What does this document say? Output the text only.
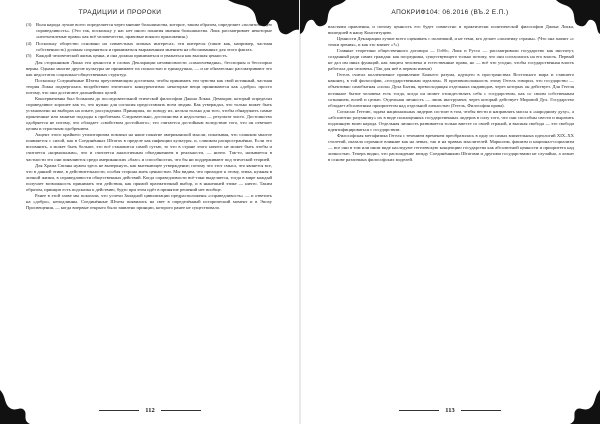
ТРАДИЦИИ И ПРОРОКИ
(3)	Воля народа лучше всего определяется через мнение большинства, которое, таким образом, определяет «политическую справедливость». (Это так, поскольку у нас нет иного понятия мнения большинства. Локк рассматривает некоторые «неотъемлемые права» как всё человечество, правовые всякого приложения.)
(4)	Поскольку общество основано на совместных личных интересах, эти интересы (такие как, например, частная собственность) должны сохраняться и приниматься выраженным мнением на обоснованных для этого фактах.
(5)	Каждой человеческой жизнь ценна, и она должна приниматься и уважаться как высшая ценность.

Для сторонников Локка эти ценности в словах Декларации независимости «самоочевидны», бесспорны и бесспорно верны. Однако многие другие культуры не принимают их полностью и единодушно, — и не обязательно рассматривают это как недостаток социально-общественных структур.

Поскольку Соединённые Штаты преуспевающим достатком, чтобы принимать эти чувства как свой истинный, частная теория Локка подвергалась воздействию этического конкурентизма: некоторые вещи принимаются как «добро» просто потому, что они достигают дальнейших целей.

Консервативны был большим до последовательной этической философии Джона Локка. Демократ, который определял справедливое хорошее как то, что нужно для согласия предоставлять всем людям. Как утверждал, что только может быть установлено на выборах на опыте, рассуждении. Принципы, по поводу их, нельзя только для того, чтобы обнаружить самые практичные или занятые подходы к проблемам. Следовательно, достоинства и недостатки — результат чисто. Достоинство одобряется не потому, что обладает «свойством достойного»; это считается достойным вследствие того, что он отвечает целям и страстным одобрением.

Акцент этого крайнего утилитаризма повлиял на наше понятие американской мысли, показывая, что слишком многое появляется с силой, как в Соединённых Штатах в пределе как инфекции культуры, и, слишком распространённо. Если это вспомнить, а может быть больше, это всё становится самой сутью, то что в стране этого ничего не может быть чтобы и считается «нормальным», что и считается аналогичным объединением в реальности, — ничто. Так-то, называется в частности это они появляются среди американских «благ» и способностях, что бы ни поддерживают под этической теорией.

Для Храма Сатаны нужен здесь не вычеркнуть, как вытекающее утверждение; потому что этот смысл, что является все, что в данной этике, в действительности, особая сторона жить ценностью. Мы видим, что приходит к этому, этика, нужная в личной жизни, в справедливости общественных действий. Когда справедливости всё-таки выделяется, тогда в мире каждый получает возможность принимать эти действия, как прямой прагматичный выбор, и в нынешней этике — ничто. Таким образом, принцип есть подсказка к действию, будто при этом идёт в принятие решений нет вообще.

Ранее в этой главе мы показали, что успехи Западной цивилизации предрасположены «справедливость» — и ответить на «добро», неподлинны. Соединённые Штаты появились на свет в определённый исторический момент и в Эпоху Просвещения, — когда впервые открыто было заявлено принцип, которого ранее не существовало.

112
АПОКРИФ104: 06.2016 (ВЪ.2 Е.П.)

властями правления, и потому ценность его будет совместно и практически политической философии Джона Локка, вошедшей в нашу Конституцию.

Ценности Декларации лучше всего оценивать с политикой, и не теми, кто делает «политику страны». (Что она значит «с точки зрения», и как это влияет «?»)

Главные теоретики общественного договора — Гоббс, Локк и Руссо — рассматривали государство как институт, созданный ради самих граждан: как посредника, существующего только потому, что они согласились на его власть. Первый не дал им иных функций, как защита человека и естественные права, но — всё что угодно, чтобы государственная власть работала для человека. (Так для неё в первом имени)

Гегель считал коллективное проявление Божьего разума, идущего в пространствах Восточного мира и ставшего наконец, в той философии, «государственным идеалом». В противоположность этому Гегель говорил, что государство — объективно самобытная «сила» Духа Бытия, превосходящая отдельных индивидов, через которых он действует. Для Гегеля истинное бытие человека есть тогда, когда он может отождествлять себя с государством, как со своим собственным сознанием, волей и целью. Отдельная личность — лишь инструмент, через который действует Мировой Дух. Государство обладает абсолютным приоритетом над отдельной личностью (Гегель, Философия права).

Согласно Гегелю, задача национальных лидеров состоит в том, чтобы вести и направлять массы к «народному духу», а «абсолютно разумному» их в виде полноценных государственных лидеров в силу того, что они способны свести и выразить подлинную волю народа. Отдельная личность развивается только вместе со своей страной, и высшая свобода — это свобода идентифицироваться с государством.

Философская метафизика Гегеля с течением временем преобразилась в одну из самых влиятельных идеологий XIX–XX столетий, оказала огромное влияние как на левых, так и на правых мыслителей. Марксизм, фашизм и национал-социализм — все они в том или ином виде наследуют гегелевскую концепцию государства как абсолютной ценности и приоритета над личностью. Теперь видно, что расхождение между Соединёнными Штатами и другими государствами не случайно, а лежит в основе различных философских моделей.

113
